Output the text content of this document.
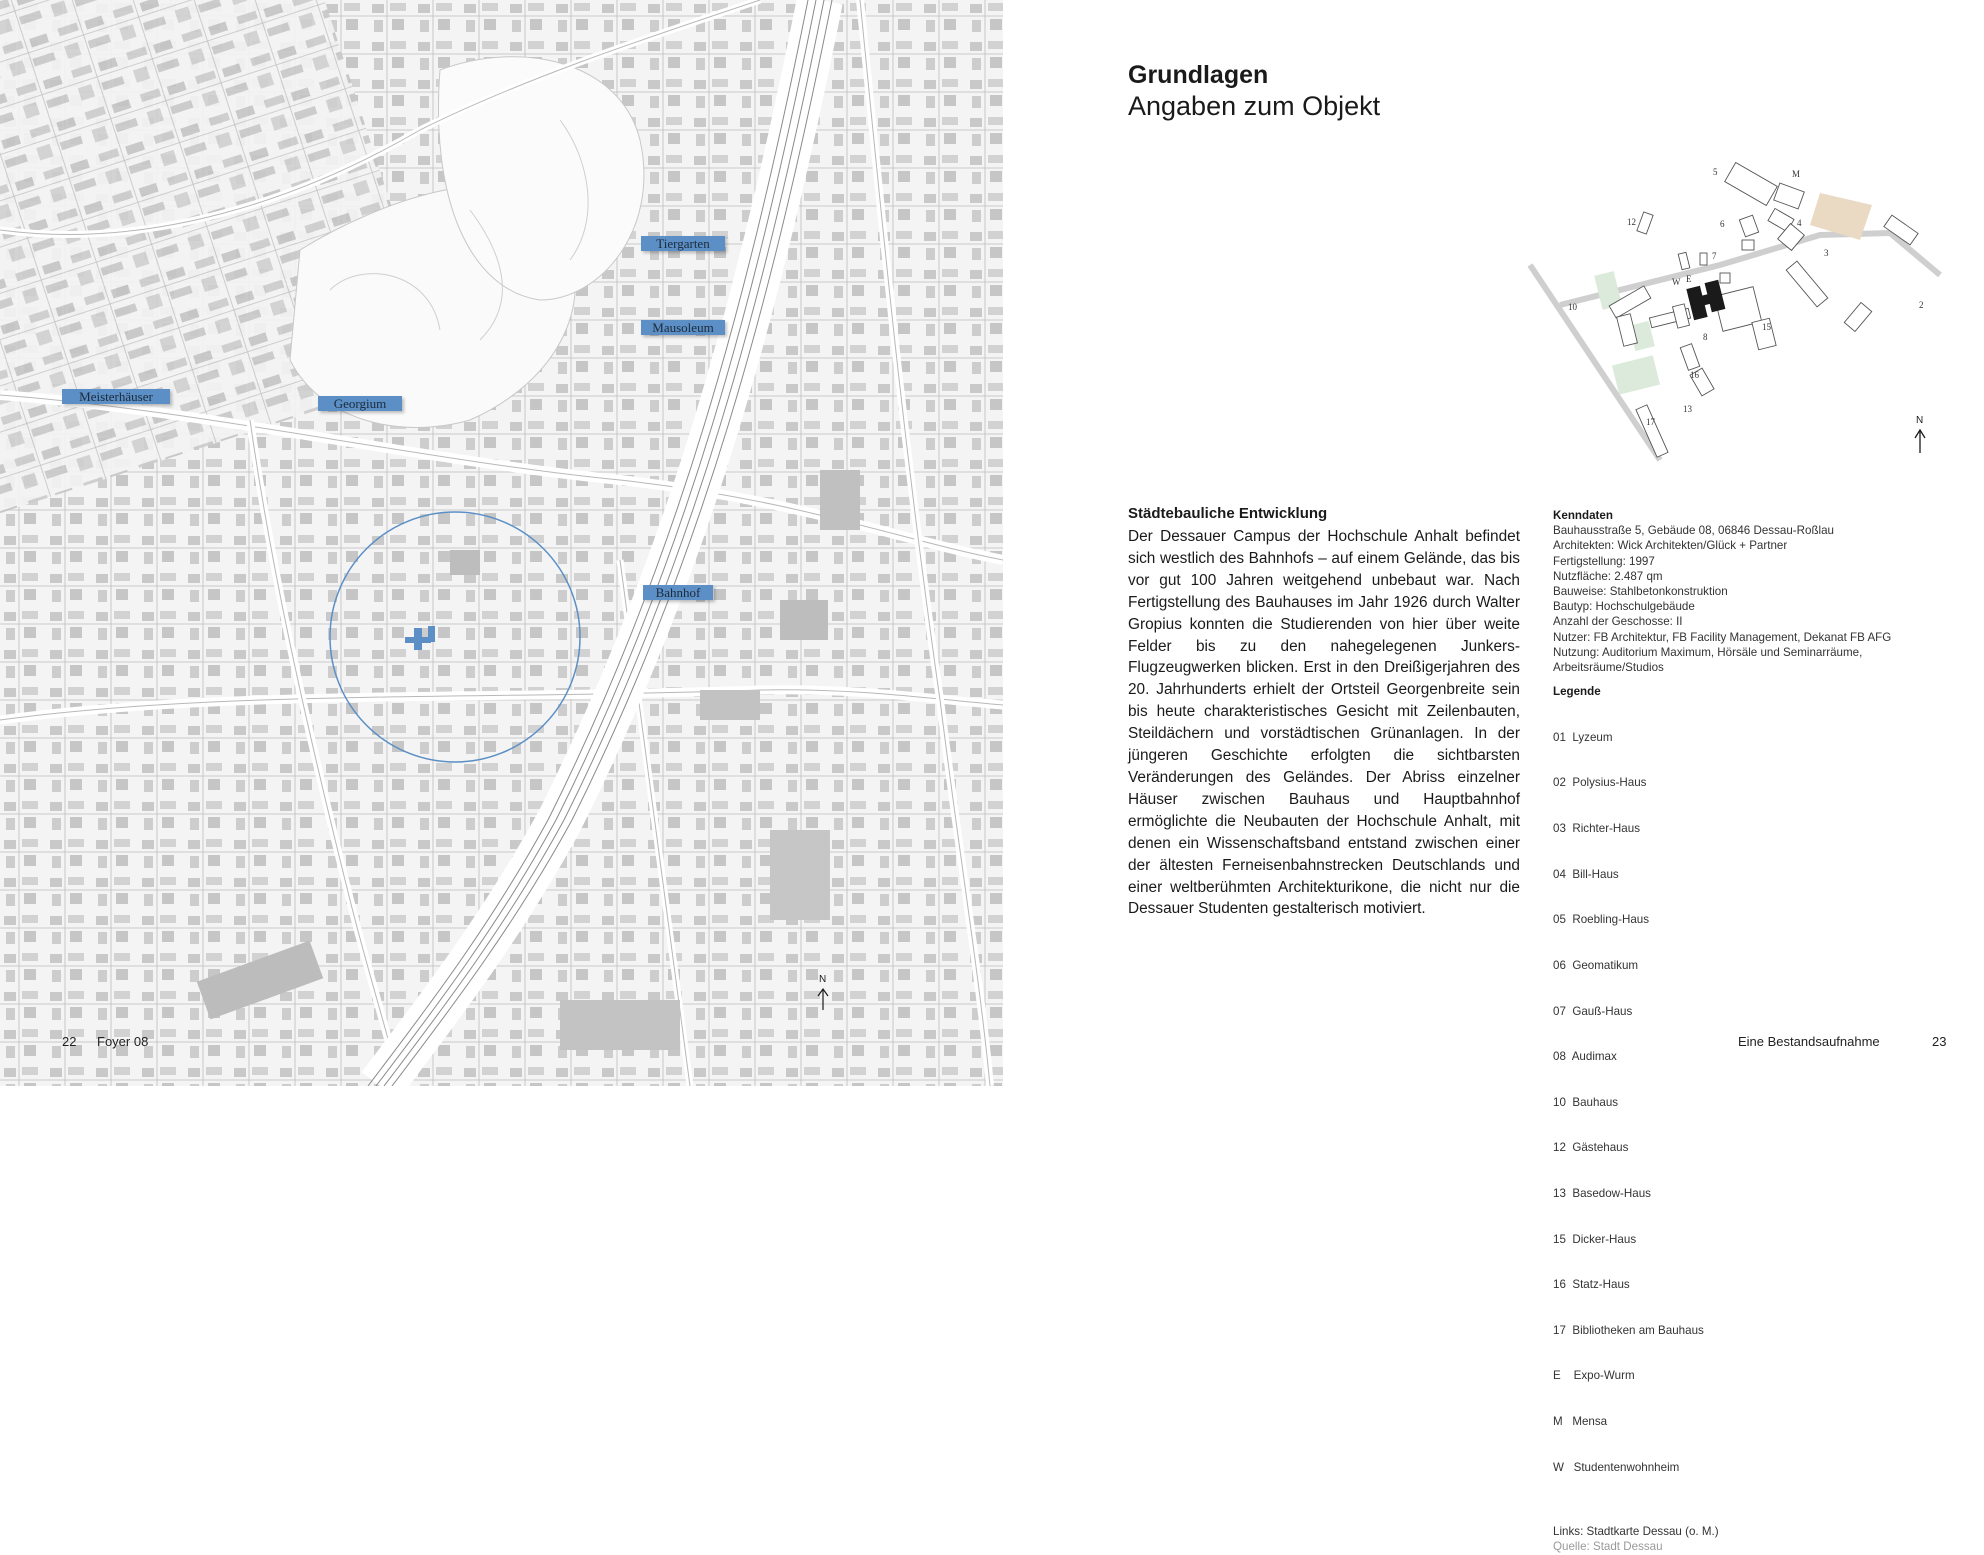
N
Tiergarten
Mausoleum
Meisterhäuser	Georgium
Bahnhof
22 Foyer 08	Eine Bestandsaufnahme	23
Grundlagen
Angaben zum Objekt
5	M
12	6	4
7
W E
3
10	2
8
15
16
13
17	N
Städtebauliche Entwicklung

Der Dessauer Campus der Hochschule Anhalt befindet sich westlich des Bahnhofs – auf einem Gelände, das bis vor gut 100 Jahren weitgehend unbebaut war. Nach Fertigstellung des Bauhauses im Jahr 1926 durch Walter Gropius konnten die Studierenden von hier über weite Felder bis zu den nahegelegenen Junkers-Flugzeugwerken blicken. Erst in den Dreißigerjahren des 20. Jahrhunderts erhielt der Ortsteil Georgenbreite sein bis heute charakteristisches Gesicht mit Zeilenbauten, Steildächern und vorstädtischen Grünanlagen. In der jüngeren Geschichte erfolgten die sichtbarsten Veränderungen des Geländes. Der Abriss einzelner Häuser zwischen Bauhaus und Hauptbahnhof ermöglichte die Neubauten der Hochschule Anhalt, mit denen ein Wissenschaftsband entstand zwischen einer der ältesten Ferneisenbahnstrecken Deutschlands und einer weltberühmten Architekturikone, die nicht nur die Dessauer Studenten gestalterisch motiviert.

Kenndaten
Bauhausstraße 5, Gebäude 08, 06846 Dessau-Roßlau
Architekten: Wick Architekten/Glück + Partner
Fertigstellung: 1997
Nutzfläche: 2.487 qm
Bauweise: Stahlbetonkonstruktion
Bautyp: Hochschulgebäude
Anzahl der Geschosse: II
Nutzer: FB Architektur, FB Facility Management, Dekanat FB AFG
Nutzung: Auditorium Maximum, Hörsäle und Seminarräume,
Arbeitsräume/Studios
Legende

01  Lyzeum

02  Polysius-Haus

03  Richter-Haus

04  Bill-Haus

05  Roebling-Haus

06  Geomatikum

07  Gauß-Haus

08  Audimax

10  Bauhaus

12  Gästehaus

13  Basedow-Haus

15  Dicker-Haus

16  Statz-Haus

17  Bibliotheken am Bauhaus

E    Expo-Wurm

M   Mensa

W   Studentenwohnheim

Links: Stadtkarte Dessau (o. M.)
Quelle: Stadt Dessau
